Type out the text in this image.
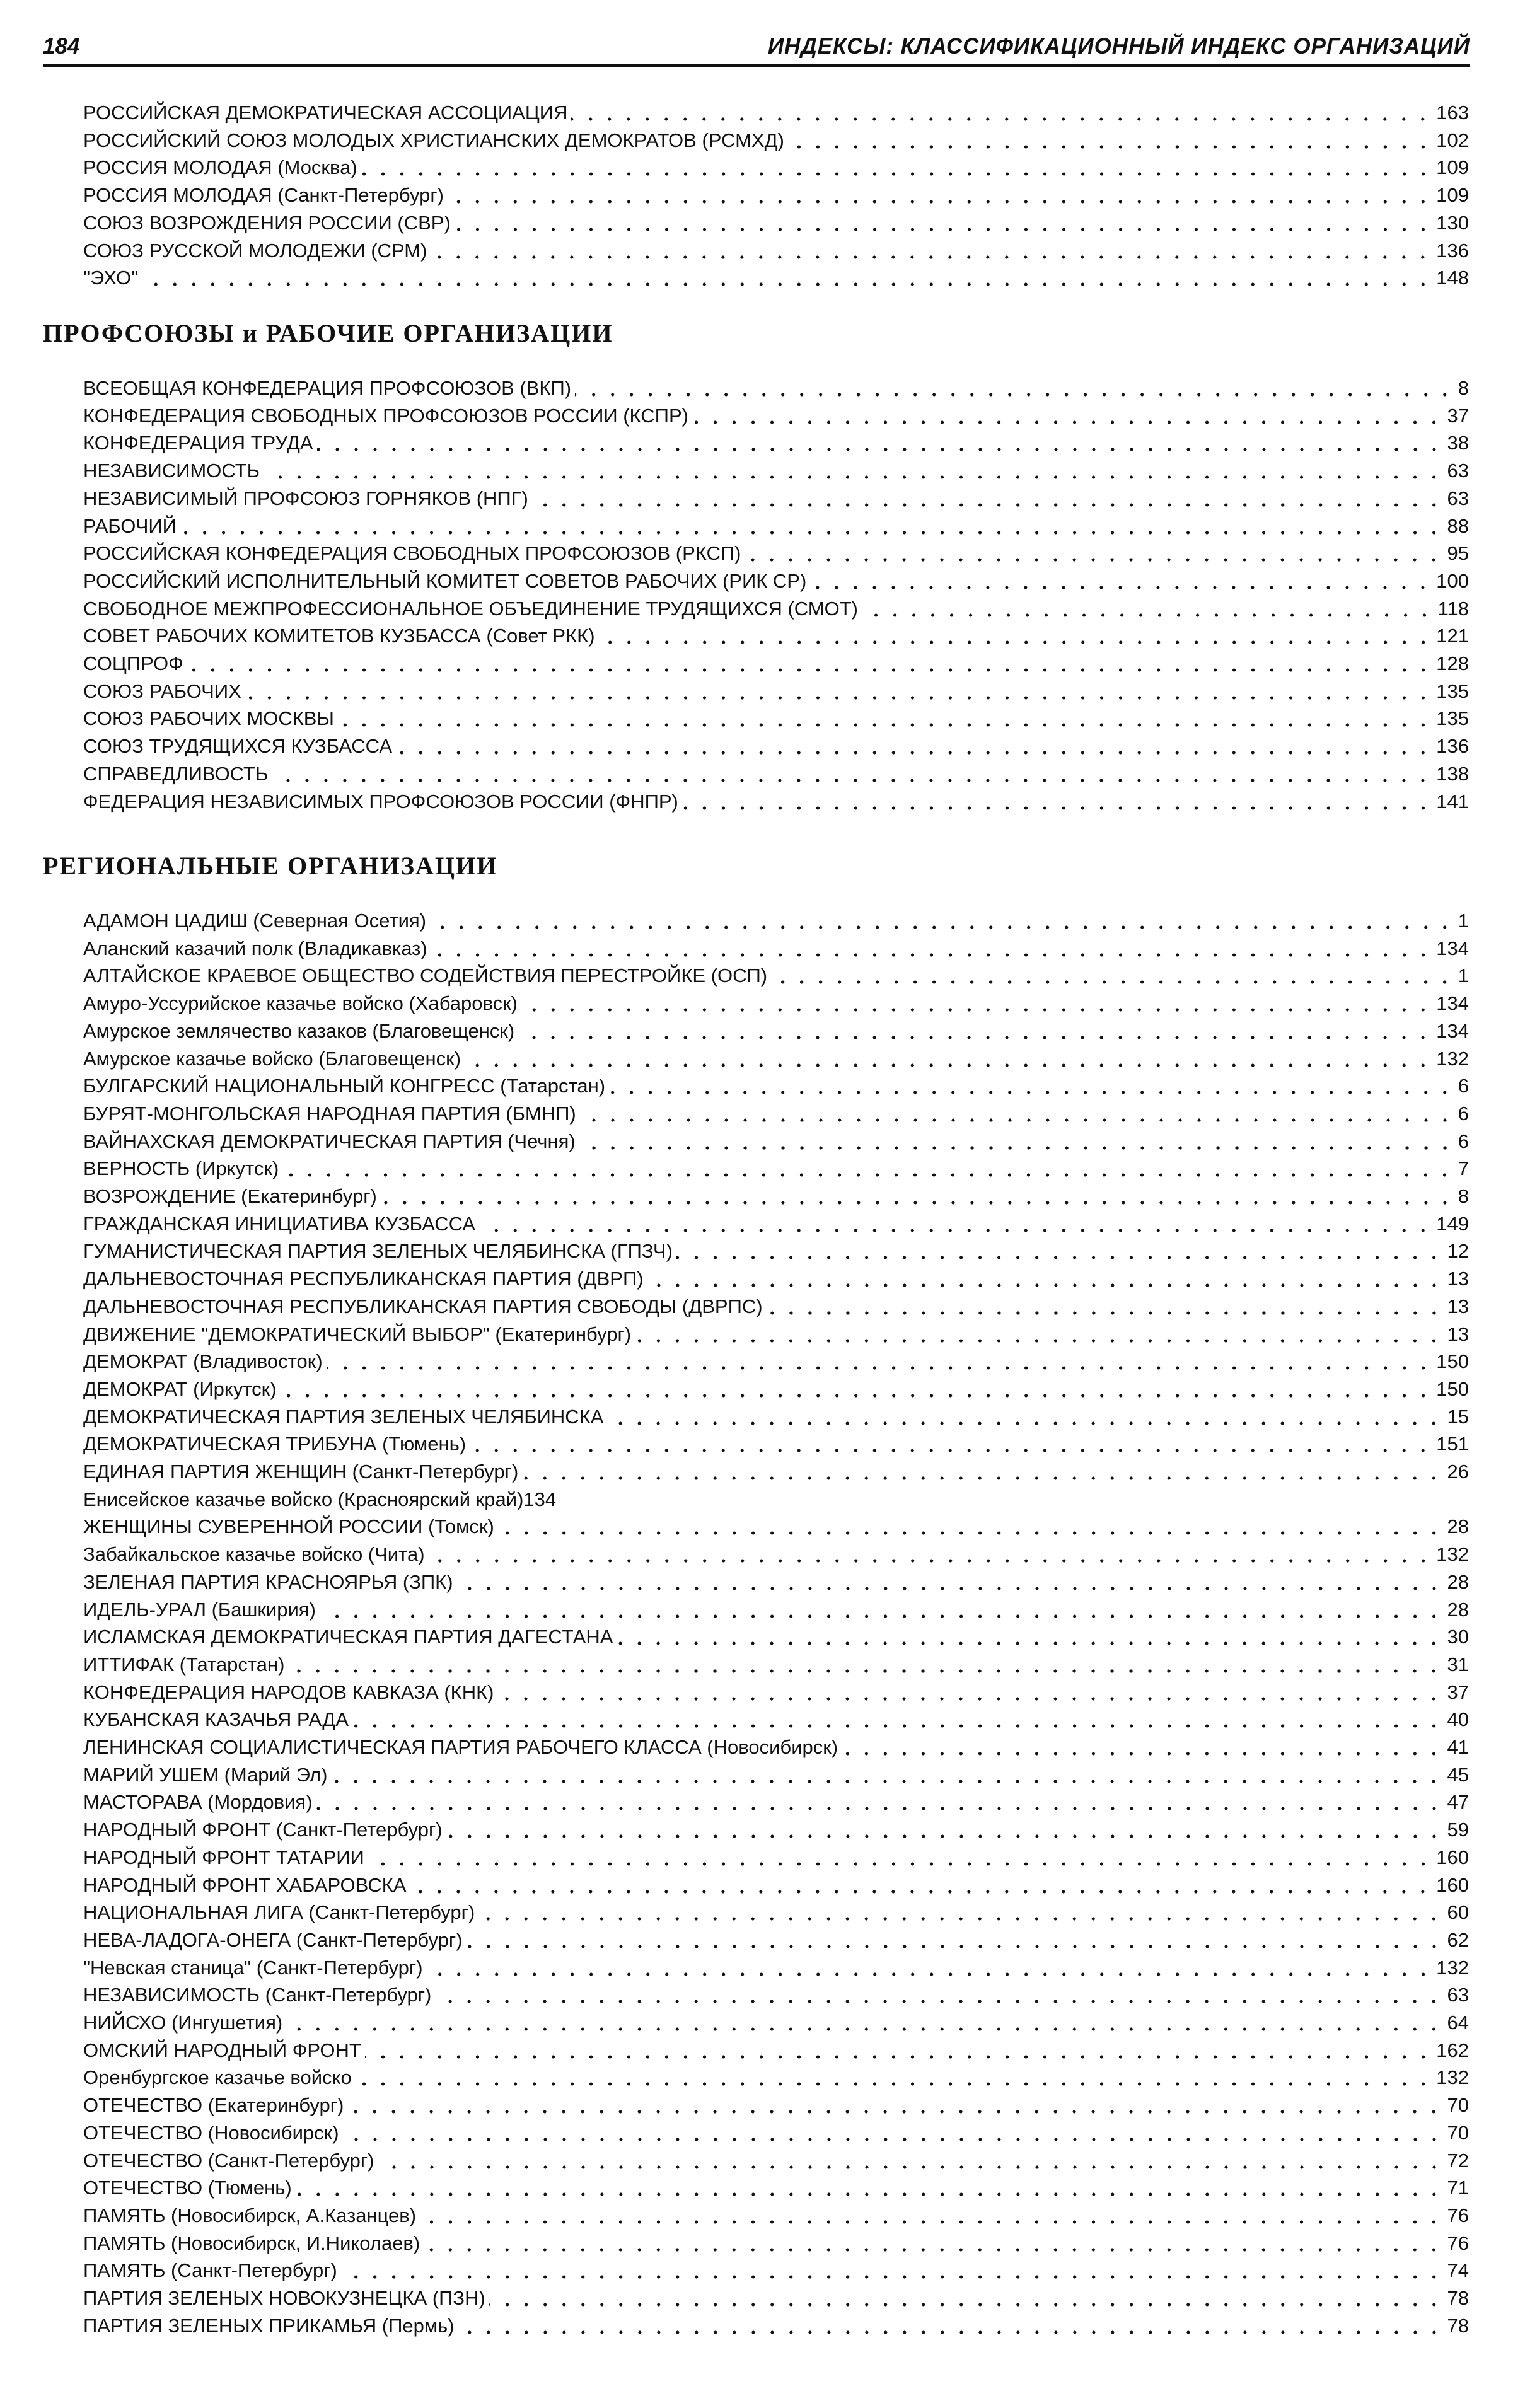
184	ИНДЕКСЫ: КЛАССИФИКАЦИОННЫЙ ИНДЕКС ОРГАНИЗАЦИЙ
РОССИЙСКАЯ ДЕМОКРАТИЧЕСКАЯ АССОЦИАЦИЯ	163
РОССИЙСКИЙ СОЮЗ МОЛОДЫХ ХРИСТИАНСКИХ ДЕМОКРАТОВ (РСМХД)	102
РОССИЯ МОЛОДАЯ (Москва)	109
РОССИЯ МОЛОДАЯ (Санкт-Петербург)	109
СОЮЗ ВОЗРОЖДЕНИЯ РОССИИ (СВР)	130
СОЮЗ РУССКОЙ МОЛОДЕЖИ (СРМ)	136
"ЭХО"	148
ПРОФСОЮЗЫ и РАБОЧИЕ ОРГАНИЗАЦИИ
ВСЕОБЩАЯ КОНФЕДЕРАЦИЯ ПРОФСОЮЗОВ (ВКП)	8
КОНФЕДЕРАЦИЯ СВОБОДНЫХ ПРОФСОЮЗОВ РОССИИ (КСПР)	37
КОНФЕДЕРАЦИЯ ТРУДА	38
НЕЗАВИСИМОСТЬ	63
НЕЗАВИСИМЫЙ ПРОФСОЮЗ ГОРНЯКОВ (НПГ)	63
РАБОЧИЙ	88
РОССИЙСКАЯ КОНФЕДЕРАЦИЯ СВОБОДНЫХ ПРОФСОЮЗОВ (РКСП)	95
РОССИЙСКИЙ ИСПОЛНИТЕЛЬНЫЙ КОМИТЕТ СОВЕТОВ РАБОЧИХ (РИК СР)	100
СВОБОДНОЕ МЕЖПРОФЕССИОНАЛЬНОЕ ОБЪЕДИНЕНИЕ ТРУДЯЩИХСЯ (СМОТ)	118
СОВЕТ РАБОЧИХ КОМИТЕТОВ КУЗБАССА (Совет РКК)	121
СОЦПРОФ	128
СОЮЗ РАБОЧИХ	135
СОЮЗ РАБОЧИХ МОСКВЫ	135
СОЮЗ ТРУДЯЩИХСЯ КУЗБАССА	136
СПРАВЕДЛИВОСТЬ	138
ФЕДЕРАЦИЯ НЕЗАВИСИМЫХ ПРОФСОЮЗОВ РОССИИ (ФНПР)	141
РЕГИОНАЛЬНЫЕ ОРГАНИЗАЦИИ
АДАМОН ЦАДИШ (Северная Осетия)	1
Аланский казачий полк (Владикавказ)	134
АЛТАЙСКОЕ КРАЕВОЕ ОБЩЕСТВО СОДЕЙСТВИЯ ПЕРЕСТРОЙКЕ (ОСП)	1
Амуро-Уссурийское казачье войско (Хабаровск)	134
Амурское землячество казаков (Благовещенск)	134
Амурское казачье войско (Благовещенск)	132
БУЛГАРСКИЙ НАЦИОНАЛЬНЫЙ КОНГРЕСС (Татарстан)	6
БУРЯТ-МОНГОЛЬСКАЯ НАРОДНАЯ ПАРТИЯ (БМНП)	6
ВАЙНАХСКАЯ ДЕМОКРАТИЧЕСКАЯ ПАРТИЯ (Чечня)	6
ВЕРНОСТЬ (Иркутск)	7
ВОЗРОЖДЕНИЕ (Екатеринбург)	8
ГРАЖДАНСКАЯ ИНИЦИАТИВА КУЗБАССА	149
ГУМАНИСТИЧЕСКАЯ ПАРТИЯ ЗЕЛЕНЫХ ЧЕЛЯБИНСКА (ГПЗЧ)	12
ДАЛЬНЕВОСТОЧНАЯ РЕСПУБЛИКАНСКАЯ ПАРТИЯ (ДВРП)	13
ДАЛЬНЕВОСТОЧНАЯ РЕСПУБЛИКАНСКАЯ ПАРТИЯ СВОБОДЫ (ДВРПС)	13
ДВИЖЕНИЕ "ДЕМОКРАТИЧЕСКИЙ ВЫБОР" (Екатеринбург)	13
ДЕМОКРАТ (Владивосток)	150
ДЕМОКРАТ (Иркутск)	150
ДЕМОКРАТИЧЕСКАЯ ПАРТИЯ ЗЕЛЕНЫХ ЧЕЛЯБИНСКА	15
ДЕМОКРАТИЧЕСКАЯ ТРИБУНА (Тюмень)	151
ЕДИНАЯ ПАРТИЯ ЖЕНЩИН (Санкт-Петербург)	26
Енисейское казачье войско (Красноярский край)134
ЖЕНЩИНЫ СУВЕРЕННОЙ РОССИИ (Томск)	28
Забайкальское казачье войско (Чита)	132
ЗЕЛЕНАЯ ПАРТИЯ КРАСНОЯРЬЯ (ЗПК)	28
ИДЕЛЬ-УРАЛ (Башкирия)	28
ИСЛАМСКАЯ ДЕМОКРАТИЧЕСКАЯ ПАРТИЯ ДАГЕСТАНА	30
ИТТИФАК (Татарстан)	31
КОНФЕДЕРАЦИЯ НАРОДОВ КАВКАЗА (КНК)	37
КУБАНСКАЯ КАЗАЧЬЯ РАДА	40
ЛЕНИНСКАЯ СОЦИАЛИСТИЧЕСКАЯ ПАРТИЯ РАБОЧЕГО КЛАССА (Новосибирск)	41
МАРИЙ УШЕМ (Марий Эл)	45
МАСТОРАВА (Мордовия)	47
НАРОДНЫЙ ФРОНТ (Санкт-Петербург)	59
НАРОДНЫЙ ФРОНТ ТАТАРИИ	160
НАРОДНЫЙ ФРОНТ ХАБАРОВСКА	160
НАЦИОНАЛЬНАЯ ЛИГА (Санкт-Петербург)	60
НЕВА-ЛАДОГА-ОНЕГА (Санкт-Петербург)	62
"Невская станица" (Санкт-Петербург)	132
НЕЗАВИСИМОСТЬ (Санкт-Петербург)	63
НИЙСХО (Ингушетия)	64
ОМСКИЙ НАРОДНЫЙ ФРОНТ	162
Оренбургское казачье войско	132
ОТЕЧЕСТВО (Екатеринбург)	70
ОТЕЧЕСТВО (Новосибирск)	70
ОТЕЧЕСТВО (Санкт-Петербург)	72
ОТЕЧЕСТВО (Тюмень)	71
ПАМЯТЬ (Новосибирск, А.Казанцев)	76
ПАМЯТЬ (Новосибирск, И.Николаев)	76
ПАМЯТЬ (Санкт-Петербург)	74
ПАРТИЯ ЗЕЛЕНЫХ НОВОКУЗНЕЦКА (ПЗН)	78
ПАРТИЯ ЗЕЛЕНЫХ ПРИКАМЬЯ (Пермь)	78
